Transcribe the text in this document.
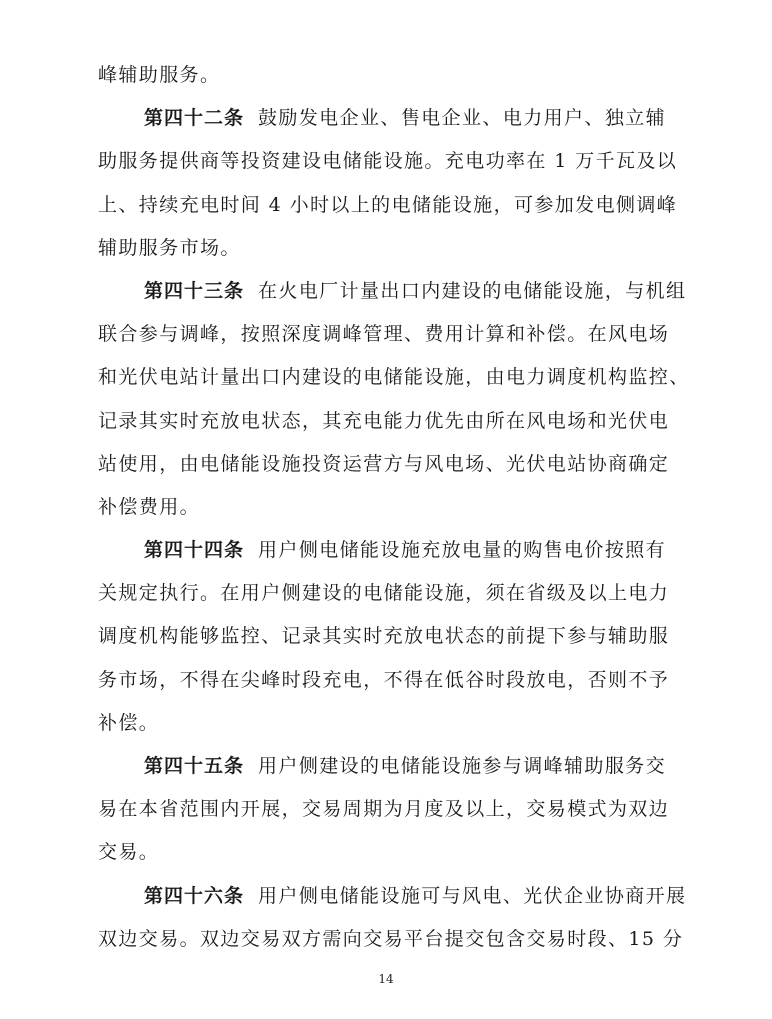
峰辅助服务。
第四十二条 鼓励发电企业、售电企业、电力用户、独立辅
助服务提供商等投资建设电储能设施。充电功率在 1 万千瓦及以
上、持续充电时间 4 小时以上的电储能设施，可参加发电侧调峰
辅助服务市场。
第四十三条 在火电厂计量出口内建设的电储能设施，与机组
联合参与调峰，按照深度调峰管理、费用计算和补偿。在风电场
和光伏电站计量出口内建设的电储能设施，由电力调度机构监控、
记录其实时充放电状态，其充电能力优先由所在风电场和光伏电
站使用，由电储能设施投资运营方与风电场、光伏电站协商确定
补偿费用。
第四十四条 用户侧电储能设施充放电量的购售电价按照有
关规定执行。在用户侧建设的电储能设施，须在省级及以上电力
调度机构能够监控、记录其实时充放电状态的前提下参与辅助服
务市场，不得在尖峰时段充电，不得在低谷时段放电，否则不予
补偿。
第四十五条 用户侧建设的电储能设施参与调峰辅助服务交
易在本省范围内开展，交易周期为月度及以上，交易模式为双边
交易。
第四十六条 用户侧电储能设施可与风电、光伏企业协商开展
双边交易。双边交易双方需向交易平台提交包含交易时段、15 分
14
